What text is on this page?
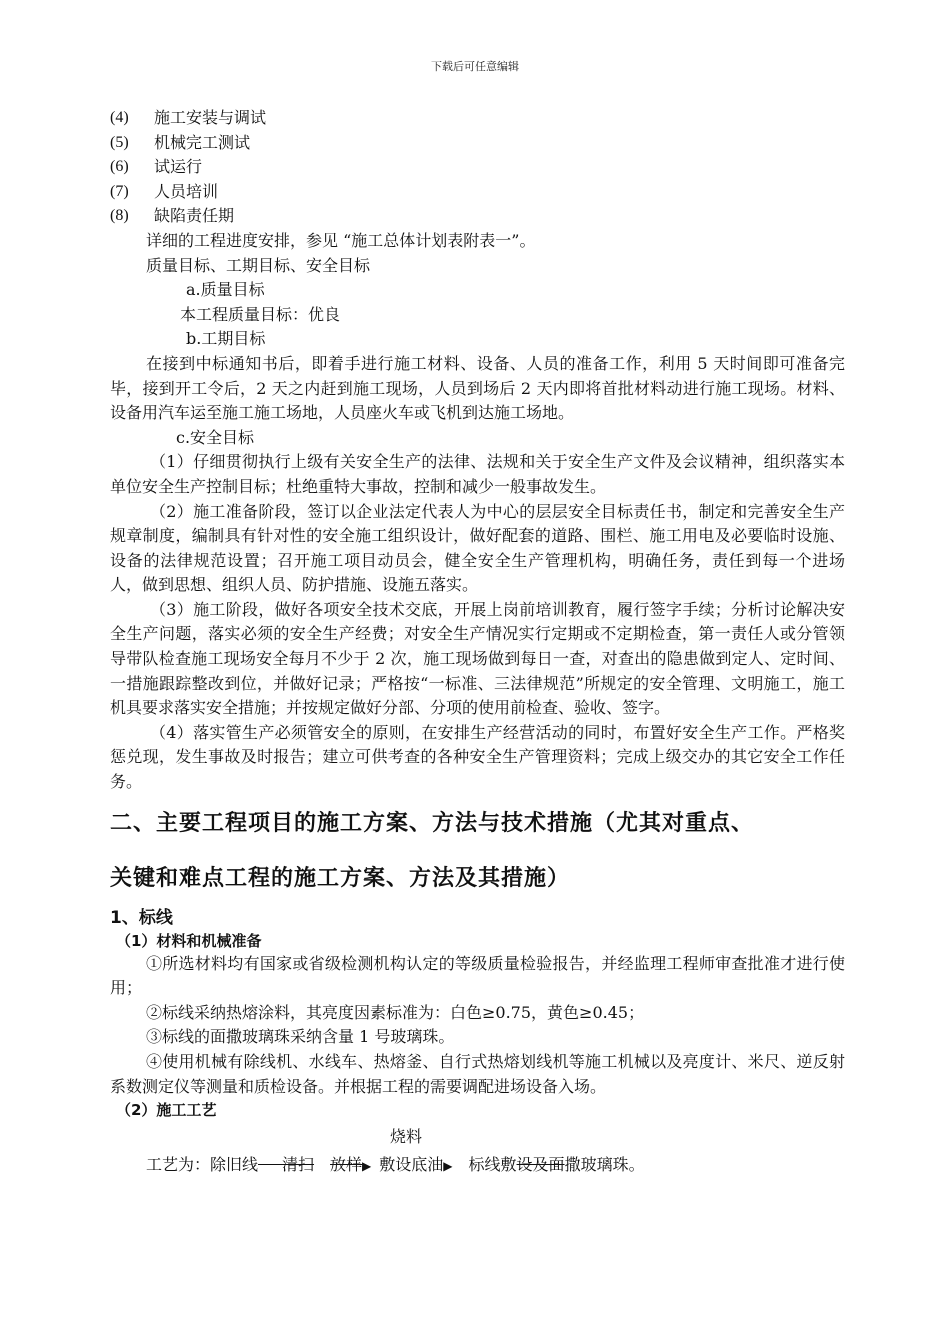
下载后可任意编辑

(4)	施工安装与调试

(5)	机械完工测试

(6)	试运行

(7)	人员培训

(8)	缺陷责任期

详细的工程进度安排，参见 “施工总体计划表附表一”。

质量目标、工期目标、安全目标

a.质量目标

本工程质量目标：优良

b.工期目标

在接到中标通知书后，即着手进行施工材料、设备、人员的准备工作，利用 5 天时间即可准备完毕，接到开工令后，2 天之内赶到施工现场，人员到场后 2 天内即将首批材料动进行施工现场。材料、设备用汽车运至施工施工场地，人员座火车或飞机到达施工场地。

c.安全目标

（1）仔细贯彻执行上级有关安全生产的法律、法规和关于安全生产文件及会议精神，组织落实本单位安全生产控制目标；杜绝重特大事故，控制和减少一般事故发生。

（2）施工准备阶段，签订以企业法定代表人为中心的层层安全目标责任书，制定和完善安全生产规章制度，编制具有针对性的安全施工组织设计，做好配套的道路、围栏、施工用电及必要临时设施、设备的法律规范设置；召开施工项目动员会，健全安全生产管理机构，明确任务，责任到每一个进场人，做到思想、组织人员、防护措施、设施五落实。

（3）施工阶段，做好各项安全技术交底，开展上岗前培训教育，履行签字手续；分析讨论解决安全生产问题，落实必须的安全生产经费；对安全生产情况实行定期或不定期检查，第一责任人或分管领导带队检查施工现场安全每月不少于 2 次，施工现场做到每日一查，对查出的隐患做到定人、定时间、一措施跟踪整改到位，并做好记录；严格按“一标准、三法律规范”所规定的安全管理、文明施工，施工机具要求落实安全措施；并按规定做好分部、分项的使用前检查、验收、签字。

（4）落实管生产必须管安全的原则，在安排生产经营活动的同时，布置好安全生产工作。严格奖惩兑现，发生事故及时报告；建立可供考查的各种安全生产管理资料；完成上级交办的其它安全工作任务。

二、主要工程项目的施工方案、方法与技术措施（尤其对重点、
关键和难点工程的施工方案、方法及其措施）
1、标线
（1）材料和机械准备

①所选材料均有国家或省级检测机构认定的等级质量检验报告，并经监理工程师审查批准才进行使用；

②标线采纳热熔涂料，其亮度因素标准为：白色≥0.75，黄色≥0.45；

③标线的面撒玻璃珠采纳含量 1 号玻璃珠。

④使用机械有除线机、水线车、热熔釜、自行式热熔划线机等施工机械以及亮度计、米尺、逆反射系数测定仪等测量和质检设备。并根据工程的需要调配进场设备入场。

（2）施工工艺
烧料
工艺为：除旧线   清扫  放样▶  敷设底油▶  标线敷设及面撒玻璃珠。
